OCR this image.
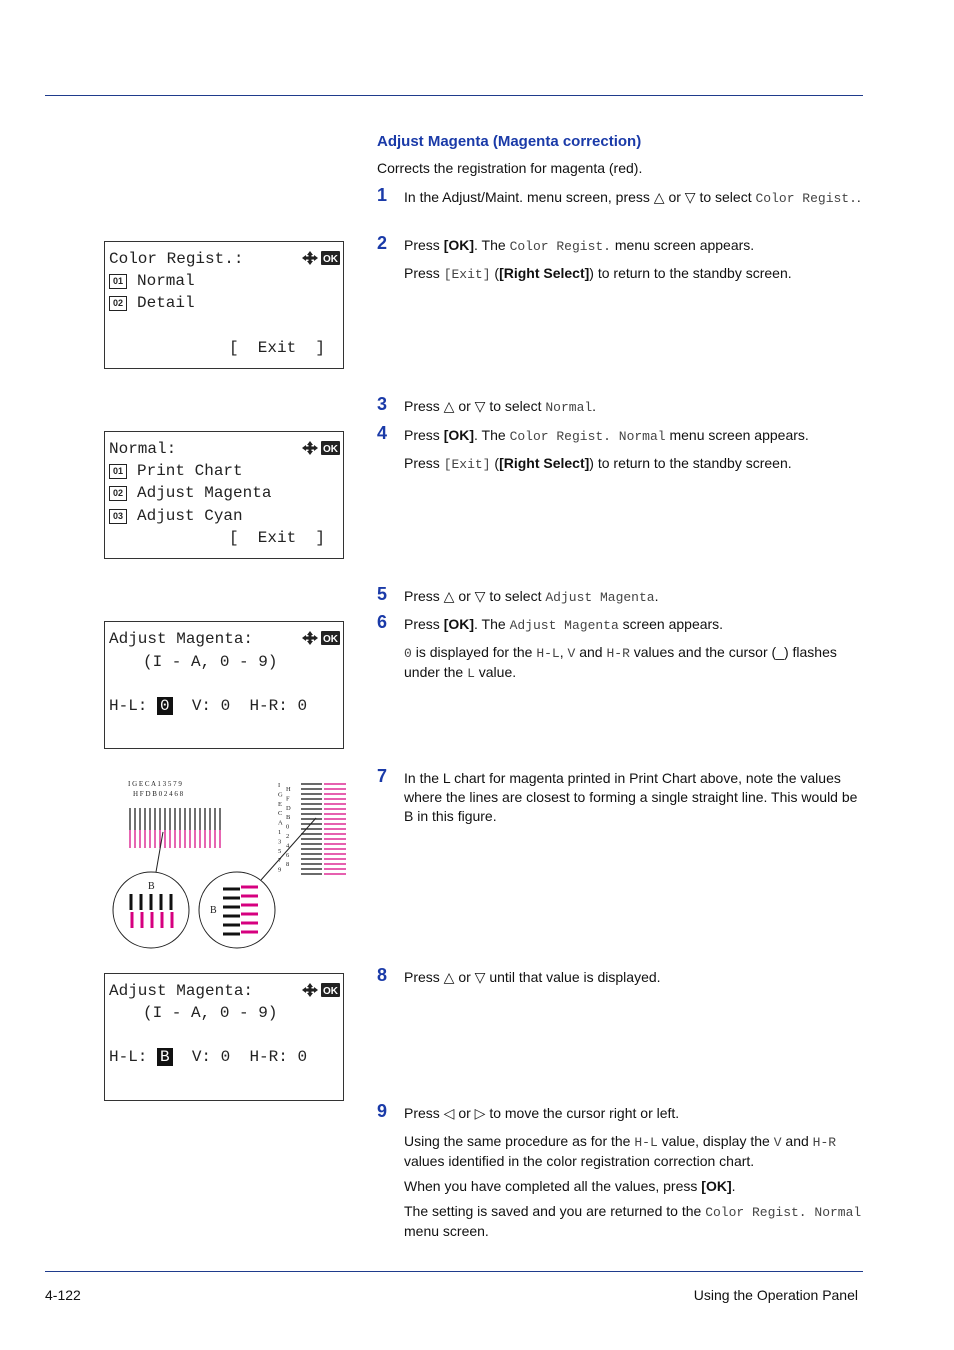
Adjust Magenta (Magenta correction)
Corrects the registration for magenta (red).
1 In the Adjust/Maint. menu screen, press △ or ▽ to select Color Regist..
2 Press [OK]. The Color Regist. menu screen appears.

Press [Exit] ([Right Select]) to return to the standby screen.

3 Press △ or ▽ to select Normal.
4 Press [OK]. The Color Regist. Normal menu screen appears.

Press [Exit] ([Right Select]) to return to the standby screen.

5 Press △ or ▽ to select Adjust Magenta.
6 Press [OK]. The Adjust Magenta screen appears.

0 is displayed for the H-L, V and H-R values and the cursor (_) flashes under the L value.

7 In the L chart for magenta printed in Print Chart above, note the values where the lines are closest to forming a single straight line. This would be B in this figure.
8 Press △ or ▽ until that value is displayed.
9 Press ◁ or ▷ to move the cursor right or left.

Using the same procedure as for the H-L value, display the V and H-R values identified in the color registration correction chart.

When you have completed all the values, press [OK].

The setting is saved and you are returned to the Color Regist. Normal menu screen.

OK
Color Regist.:
01 Normal
02 Detail
[  Exit  ]
OK
Normal:
01 Print Chart
02 Adjust Magenta
03 Adjust Cyan
[  Exit  ]
OK
Adjust Magenta:
(I - A, 0 - 9)
H-L: 0  V: 0  H-R: 0
I G E C A 1 3 5 7 9
H F D B 0 2 4 6 8
I
G
E
C
A
1
3
5
7
9
H
F
D
B
0
2
4
6
8
B
B
OK
Adjust Magenta:
(I - A, 0 - 9)
H-L: B  V: 0  H-R: 0
4-122	Using the Operation Panel
